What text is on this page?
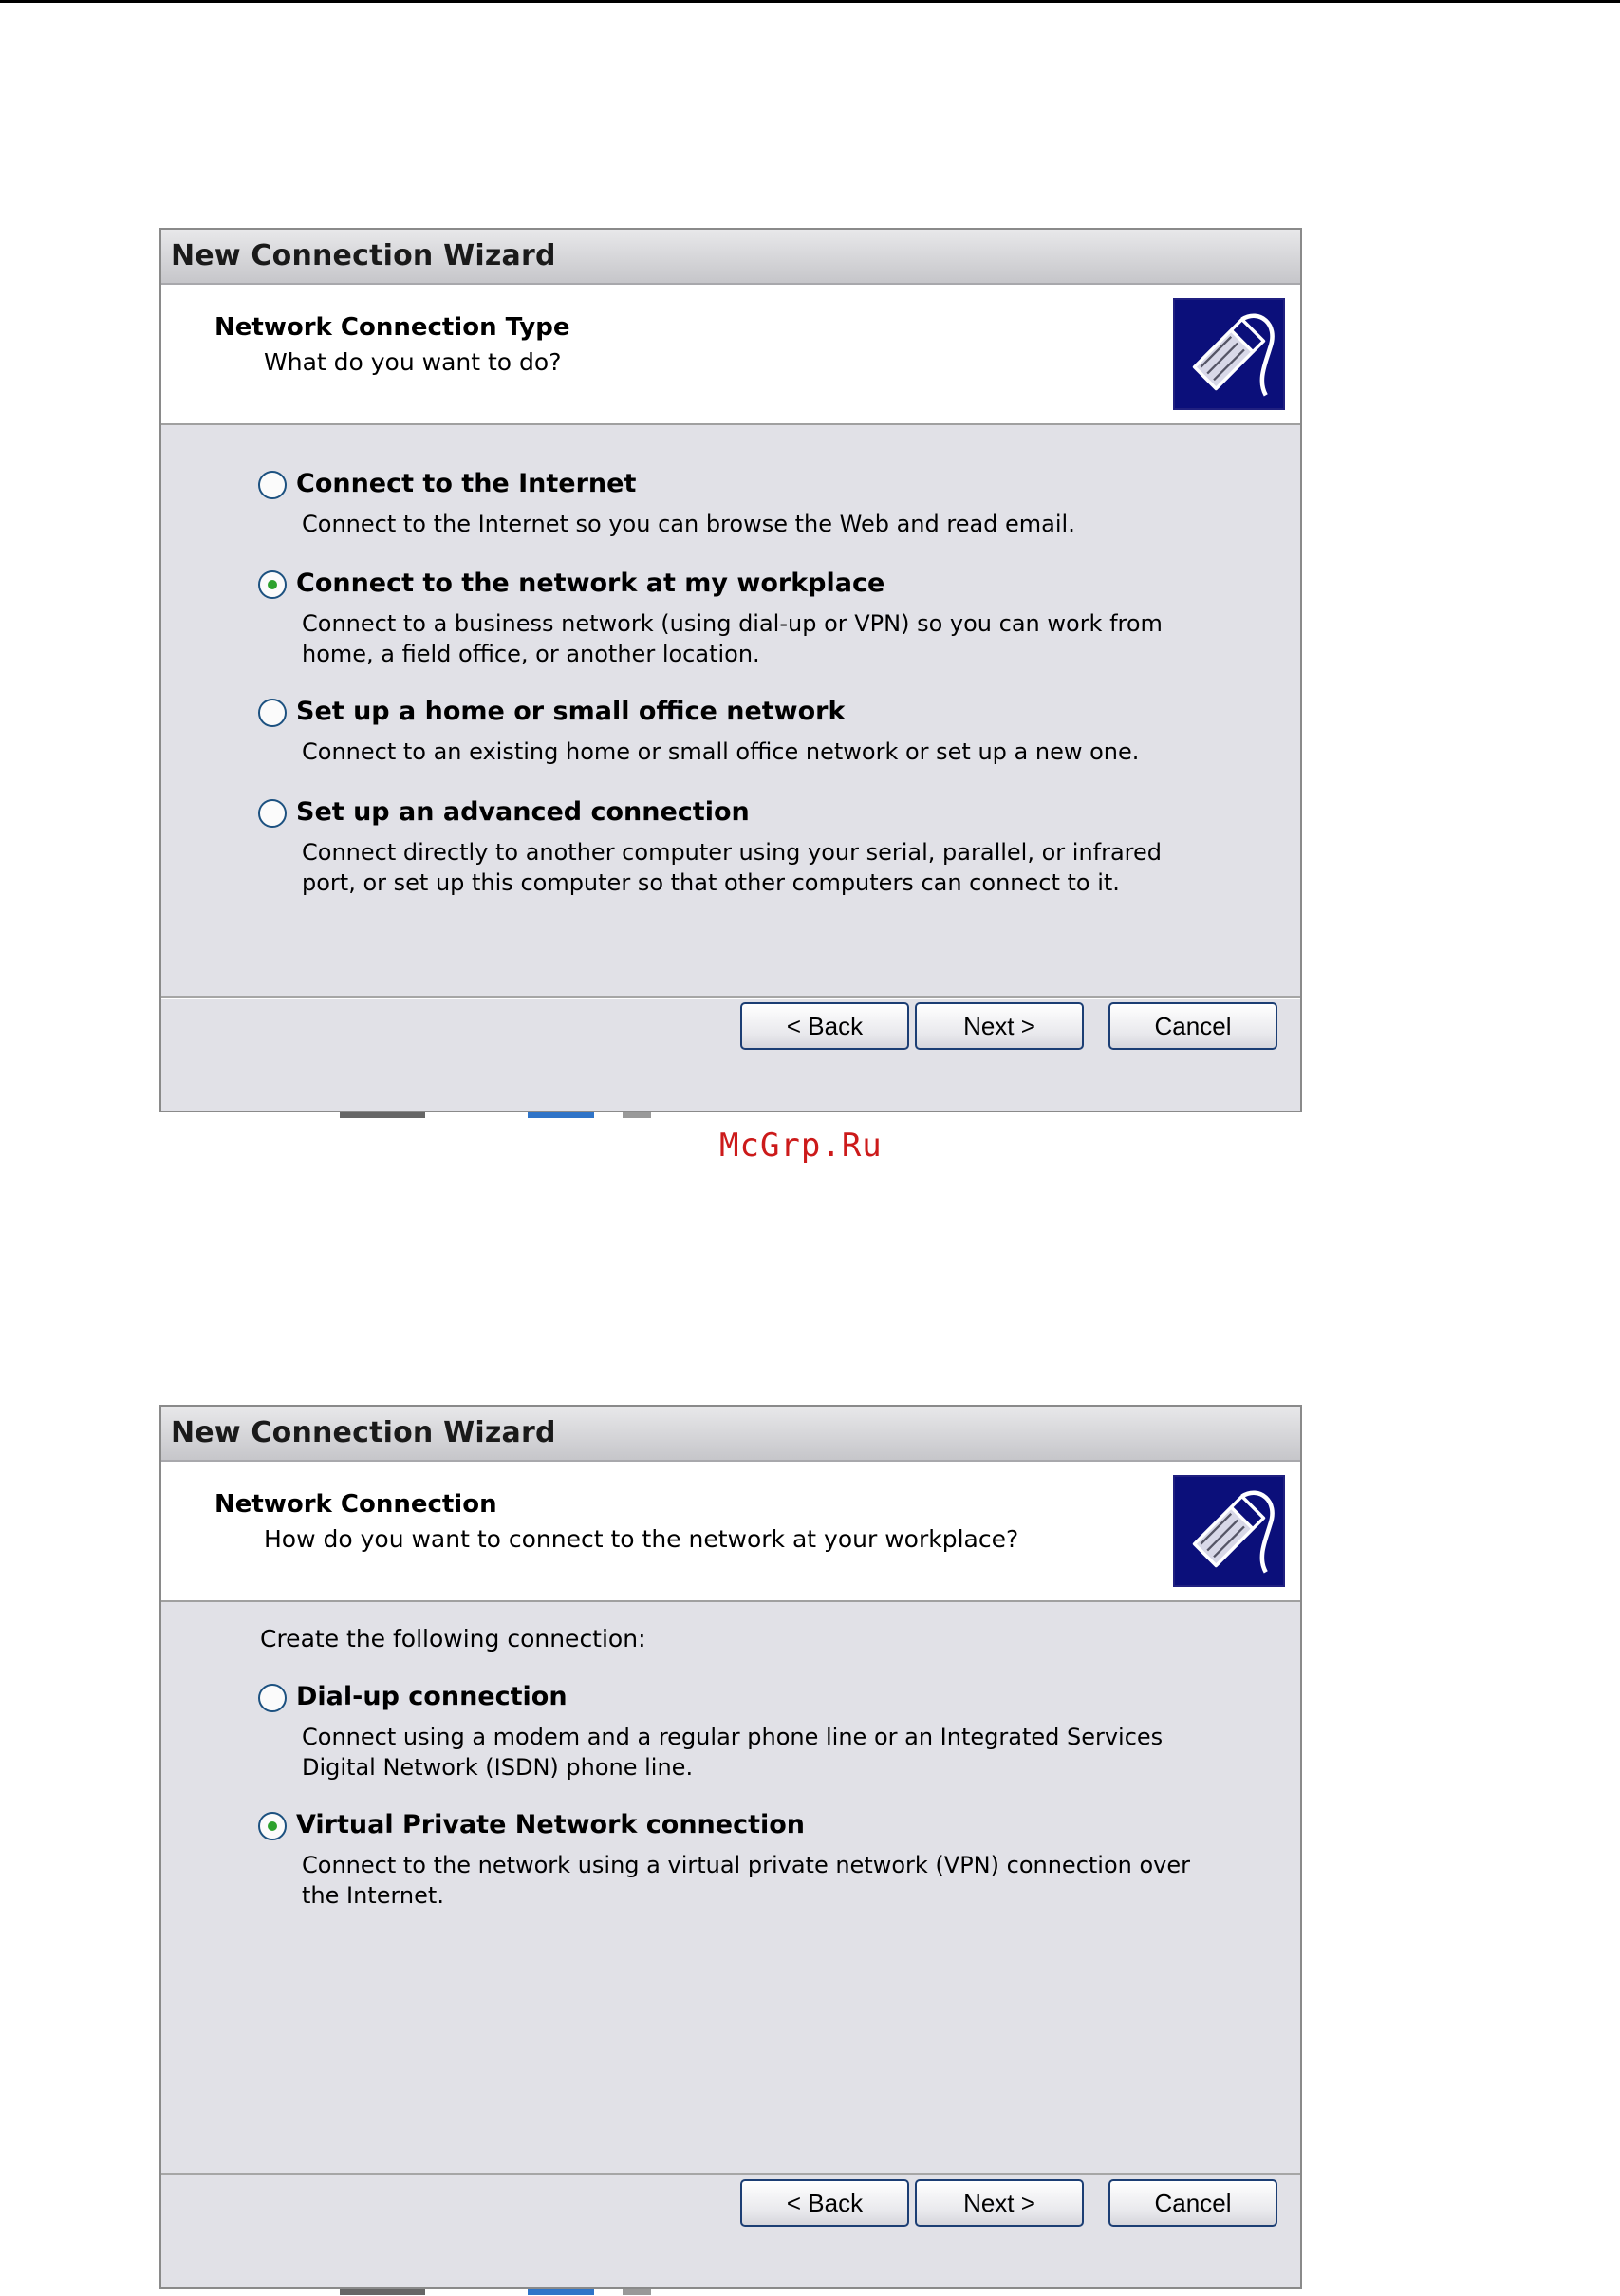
New Connection Wizard
Network Connection Type
What do you want to do?
Connect to the Internet
Connect to the Internet so you can browse the Web and read email.
Connect to the network at my workplace
Connect to a business network (using dial-up or VPN) so you can work from home, a field office, or another location.
Set up a home or small office network
Connect to an existing home or small office network or set up a new one.
Set up an advanced connection
Connect directly to another computer using your serial, parallel, or infrared port, or set up this computer so that other computers can connect to it.
< Back	Next >	Cancel
McGrp.Ru
New Connection Wizard
Network Connection
How do you want to connect to the network at your workplace?
Create the following connection:
Dial-up connection
Connect using a modem and a regular phone line or an Integrated Services Digital Network (ISDN) phone line.
Virtual Private Network connection
Connect to the network using a virtual private network (VPN) connection over the Internet.
< Back	Next >	Cancel
